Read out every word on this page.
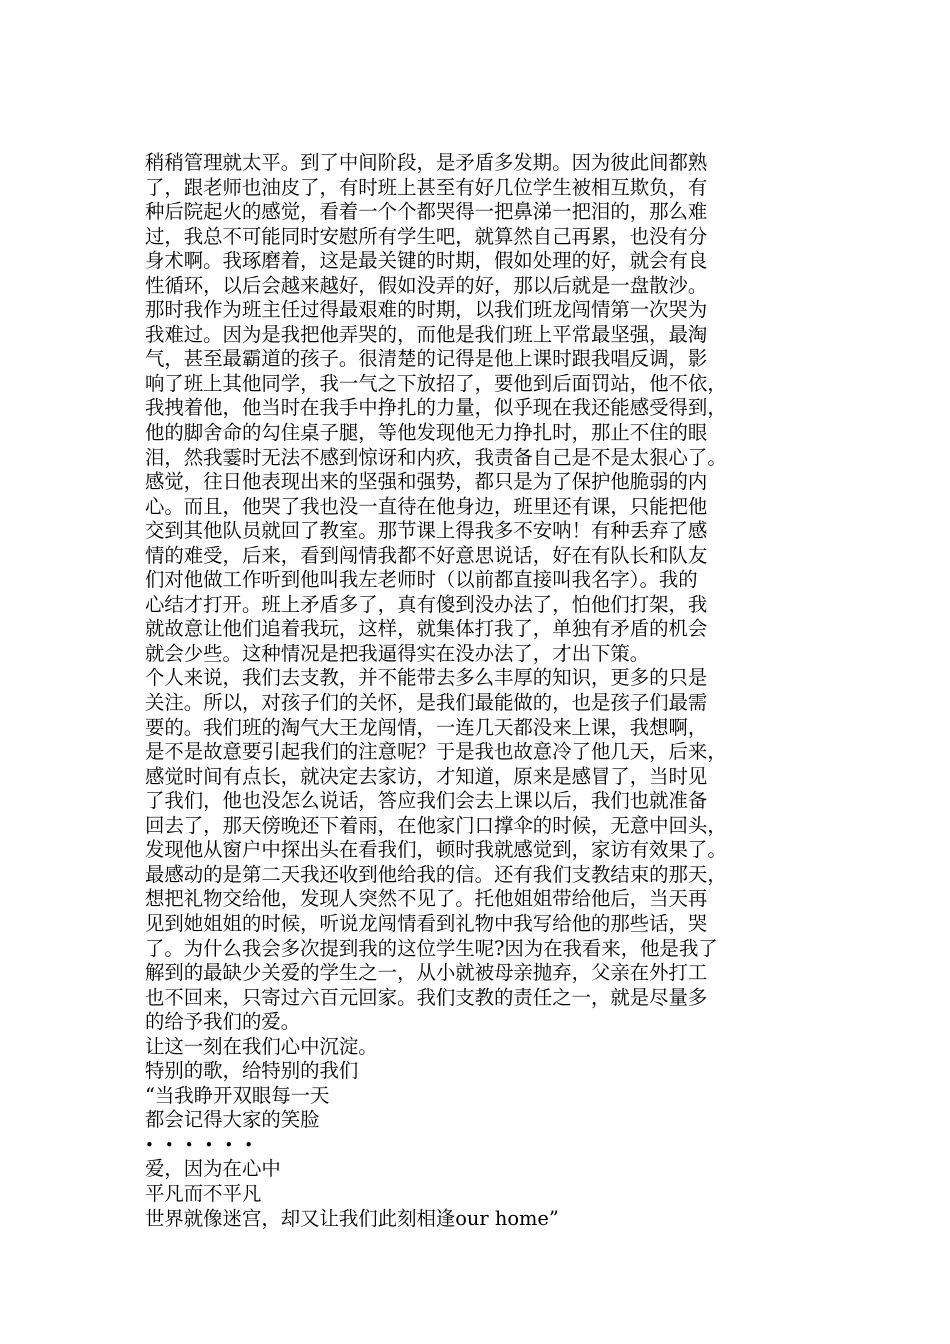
稍稍管理就太平。到了中间阶段，是矛盾多发期。因为彼此间都熟
了，跟老师也油皮了，有时班上甚至有好几位学生被相互欺负，有
种后院起火的感觉，看着一个个都哭得一把鼻涕一把泪的，那么难
过，我总不可能同时安慰所有学生吧，就算然自己再累，也没有分
身术啊。我琢磨着，这是最关键的时期，假如处理的好，就会有良
性循环，以后会越来越好，假如没弄的好，那以后就是一盘散沙。
那时我作为班主任过得最艰难的时期，以我们班龙闯情第一次哭为
我难过。因为是我把他弄哭的，而他是我们班上平常最坚强，最淘
气，甚至最霸道的孩子。很清楚的记得是他上课时跟我唱反调，影
响了班上其他同学，我一气之下放招了，要他到后面罚站，他不依，
我拽着他，他当时在我手中挣扎的力量，似乎现在我还能感受得到，
他的脚舍命的勾住桌子腿，等他发现他无力挣扎时，那止不住的眼
泪，然我霎时无法不感到惊讶和内疚，我责备自己是不是太狠心了。
感觉，往日他表现出来的坚强和强势，都只是为了保护他脆弱的内
心。而且，他哭了我也没一直待在他身边，班里还有课，只能把他
交到其他队员就回了教室。那节课上得我多不安呐！有种丢弃了感
情的难受，后来，看到闯情我都不好意思说话，好在有队长和队友
们对他做工作听到他叫我左老师时（以前都直接叫我名字）。我的
心结才打开。班上矛盾多了，真有傻到没办法了，怕他们打架，我
就故意让他们追着我玩，这样，就集体打我了，单独有矛盾的机会
就会少些。这种情况是把我逼得实在没办法了，才出下策。
个人来说，我们去支教，并不能带去多么丰厚的知识，更多的只是
关注。所以，对孩子们的关怀，是我们最能做的，也是孩子们最需
要的。我们班的淘气大王龙闯情，一连几天都没来上课，我想啊，
是不是故意要引起我们的注意呢？于是我也故意冷了他几天，后来，
感觉时间有点长，就决定去家访，才知道，原来是感冒了，当时见
了我们，他也没怎么说话，答应我们会去上课以后，我们也就准备
回去了，那天傍晚还下着雨，在他家门口撑伞的时候，无意中回头，
发现他从窗户中探出头在看我们，顿时我就感觉到，家访有效果了。
最感动的是第二天我还收到他给我的信。还有我们支教结束的那天，
想把礼物交给他，发现人突然不见了。托他姐姐带给他后，当天再
见到她姐姐的时候，听说龙闯情看到礼物中我写给他的那些话，哭
了。为什么我会多次提到我的这位学生呢?因为在我看来，他是我了
解到的最缺少关爱的学生之一，从小就被母亲抛弃，父亲在外打工
也不回来，只寄过六百元回家。我们支教的责任之一，就是尽量多
的给予我们的爱。
让这一刻在我们心中沉淀。
特别的歌，给特别的我们
“当我睁开双眼每一天
都会记得大家的笑脸
••••••
爱，因为在心中
平凡而不平凡
世界就像迷宫，却又让我们此刻相逢our home”
